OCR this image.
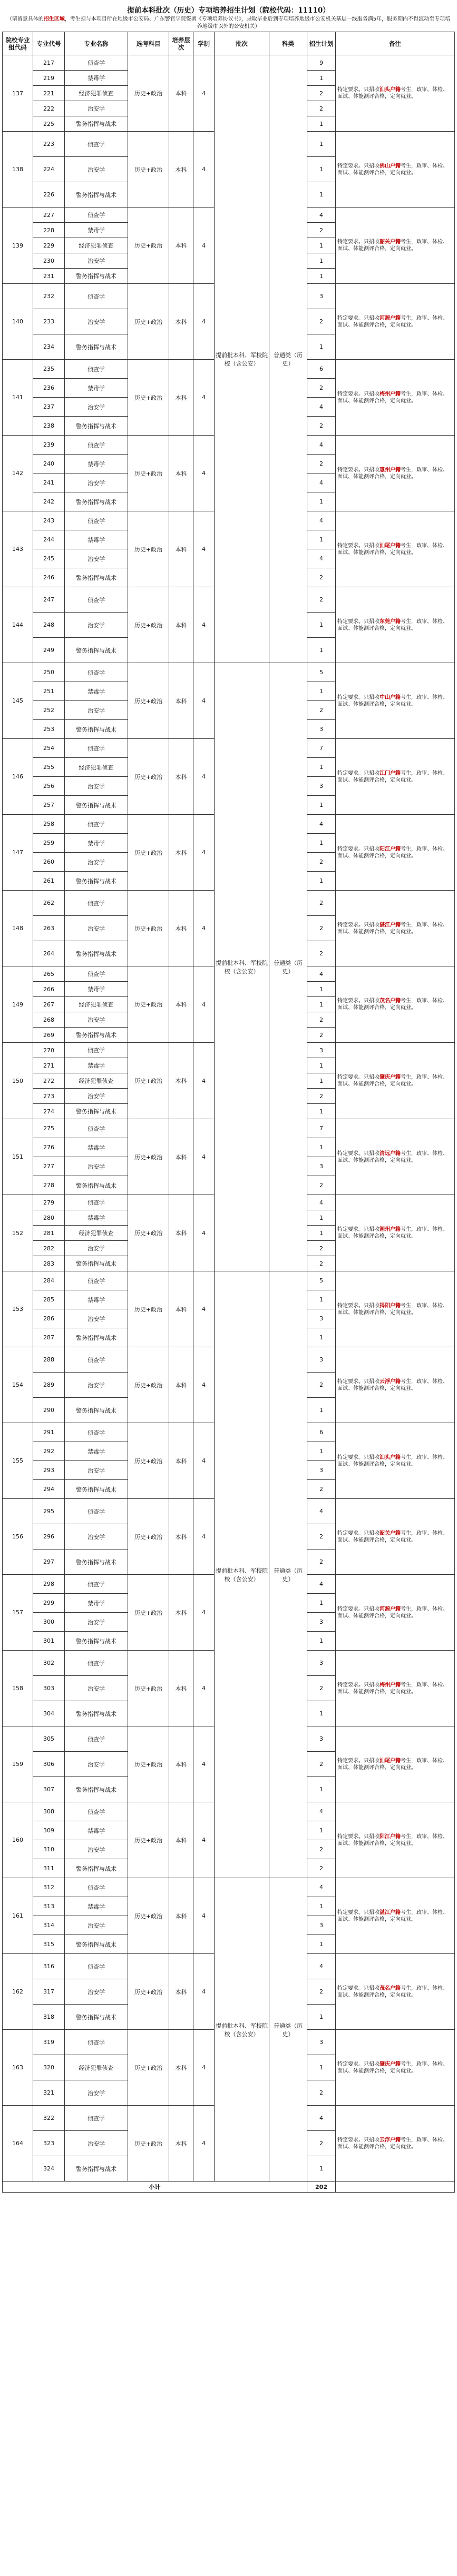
提前本科批次（历史）专项培养招生计划（院校代码：11110）
（请留意具体的招生区域，考生须与本项目所在地级市公安局、广东警官学院签署《专项培养协议书》，录取毕业后到专项培养地级市公安机关基层一线服务满5年，服务期内不得流动至专项培养地级市以外的公安机关）
院校专业组代码	专业代号	专业名称	选考科目	培养层次	学制	批次	科类	招生计划	备注
137	217	侦查学	历史+政治	本科	4	提前批本科、军校院校（含公安）	普通类（历史）	9	特定要求。只招收汕头户籍考生，政审、体检、面试、体能测评合格，定向就业。
	219	禁毒学						1	
	221	经济犯罪侦查						2	
	222	治安学						2	
	225	警务指挥与战术						1	
138	223	侦查学	历史+政治	本科	4			1	特定要求。只招收佛山户籍考生，政审、体检、面试、体能测评合格，定向就业。
	224	治安学						1	
	226	警务指挥与战术						1	
139	227	侦查学	历史+政治	本科	4			4	特定要求。只招收韶关户籍考生，政审、体检、面试、体能测评合格，定向就业。
	228	禁毒学						2	
	229	经济犯罪侦查						1	
	230	治安学						1	
	231	警务指挥与战术						1	
140	232	侦查学	历史+政治	本科	4			3	特定要求。只招收河源户籍考生，政审、体检、面试、体能测评合格，定向就业。
	233	治安学						2	
	234	警务指挥与战术						1	
141	235	侦查学	历史+政治	本科	4			6	特定要求。只招收梅州户籍考生，政审、体检、面试、体能测评合格，定向就业。
	236	禁毒学						2	
	237	治安学						4	
	238	警务指挥与战术						2	
142	239	侦查学	历史+政治	本科	4			4	特定要求。只招收惠州户籍考生，政审、体检、面试、体能测评合格，定向就业。
	240	禁毒学						2	
	241	治安学						4	
	242	警务指挥与战术						1	
143	243	侦查学	历史+政治	本科	4			4	特定要求。只招收汕尾户籍考生，政审、体检、面试、体能测评合格，定向就业。
	244	禁毒学						1	
	245	治安学						4	
	246	警务指挥与战术						2	
144	247	侦查学	历史+政治	本科	4			2	特定要求。只招收东莞户籍考生，政审、体检、面试、体能测评合格，定向就业。
	248	治安学						1	
	249	警务指挥与战术						1	
145	250	侦查学	历史+政治	本科	4	提前批本科、军校院校（含公安）	普通类（历史）	5	特定要求。只招收中山户籍考生，政审、体检、面试、体能测评合格，定向就业。
	251	禁毒学						1	
	252	治安学						2	
	253	警务指挥与战术						3	
146	254	侦查学	历史+政治	本科	4			7	特定要求。只招收江门户籍考生，政审、体检、面试、体能测评合格，定向就业。
	255	经济犯罪侦查						1	
	256	治安学						3	
	257	警务指挥与战术						1	
147	258	侦查学	历史+政治	本科	4			4	特定要求。只招收阳江户籍考生，政审、体检、面试、体能测评合格，定向就业。
	259	禁毒学						1	
	260	治安学						2	
	261	警务指挥与战术						1	
148	262	侦查学	历史+政治	本科	4			2	特定要求。只招收湛江户籍考生，政审、体检、面试、体能测评合格，定向就业。
	263	治安学						2	
	264	警务指挥与战术						2	
149	265	侦查学	历史+政治	本科	4			4	特定要求。只招收茂名户籍考生，政审、体检、面试、体能测评合格，定向就业。
	266	禁毒学						1	
	267	经济犯罪侦查						1	
	268	治安学						2	
	269	警务指挥与战术						2	
150	270	侦查学	历史+政治	本科	4			3	特定要求。只招收肇庆户籍考生，政审、体检、面试、体能测评合格，定向就业。
	271	禁毒学						1	
	272	经济犯罪侦查						1	
	273	治安学						2	
	274	警务指挥与战术						1	
151	275	侦查学	历史+政治	本科	4			7	特定要求。只招收清远户籍考生，政审、体检、面试、体能测评合格，定向就业。
	276	禁毒学						1	
	277	治安学						3	
	278	警务指挥与战术						2	
152	279	侦查学	历史+政治	本科	4			4	特定要求。只招收潮州户籍考生，政审、体检、面试、体能测评合格，定向就业。
	280	禁毒学						1	
	281	经济犯罪侦查						1	
	282	治安学						2	
	283	警务指挥与战术						2	
153	284	侦查学	历史+政治	本科	4	提前批本科、军校院校（含公安）	普通类（历史）	5	特定要求。只招收揭阳户籍考生，政审、体检、面试、体能测评合格，定向就业。
	285	禁毒学						1	
	286	治安学						3	
	287	警务指挥与战术						1	
154	288	侦查学	历史+政治	本科	4			3	特定要求。只招收云浮户籍考生，政审、体检、面试、体能测评合格，定向就业。
	289	治安学						2	
	290	警务指挥与战术						1	
155	291	侦查学	历史+政治	本科	4			6	特定要求。只招收汕头户籍考生，政审、体检、面试、体能测评合格，定向就业。
	292	禁毒学						1	
	293	治安学						3	
	294	警务指挥与战术						2	
156	295	侦查学	历史+政治	本科	4			4	特定要求。只招收韶关户籍考生，政审、体检、面试、体能测评合格，定向就业。
	296	治安学						2	
	297	警务指挥与战术						2	
157	298	侦查学	历史+政治	本科	4			4	特定要求。只招收河源户籍考生，政审、体检、面试、体能测评合格，定向就业。
	299	禁毒学						1	
	300	治安学						3	
	301	警务指挥与战术						1	
158	302	侦查学	历史+政治	本科	4			3	特定要求。只招收梅州户籍考生，政审、体检、面试、体能测评合格，定向就业。
	303	治安学						2	
	304	警务指挥与战术						1	
159	305	侦查学	历史+政治	本科	4			3	特定要求。只招收汕尾户籍考生，政审、体检、面试、体能测评合格，定向就业。
	306	治安学						2	
	307	警务指挥与战术						1	
160	308	侦查学	历史+政治	本科	4			4	特定要求。只招收阳江户籍考生，政审、体检、面试、体能测评合格，定向就业。
	309	禁毒学						1	
	310	治安学						2	
	311	警务指挥与战术						2	
161	312	侦查学	历史+政治	本科	4	提前批本科、军校院校（含公安）	普通类（历史）	4	特定要求。只招收湛江户籍考生，政审、体检、面试、体能测评合格，定向就业。
	313	禁毒学						1	
	314	治安学						3	
	315	警务指挥与战术						1	
162	316	侦查学	历史+政治	本科	4			4	特定要求。只招收茂名户籍考生，政审、体检、面试、体能测评合格，定向就业。
	317	治安学						2	
	318	警务指挥与战术						1	
163	319	侦查学	历史+政治	本科	4			3	特定要求。只招收肇庆户籍考生，政审、体检、面试、体能测评合格，定向就业。
	320	经济犯罪侦查						1	
	321	治安学						2	
164	322	侦查学	历史+政治	本科	4			4	特定要求。只招收云浮户籍考生，政审、体检、面试、体能测评合格，定向就业。
	323	治安学						2	
	324	警务指挥与战术						1	
小计								202	
